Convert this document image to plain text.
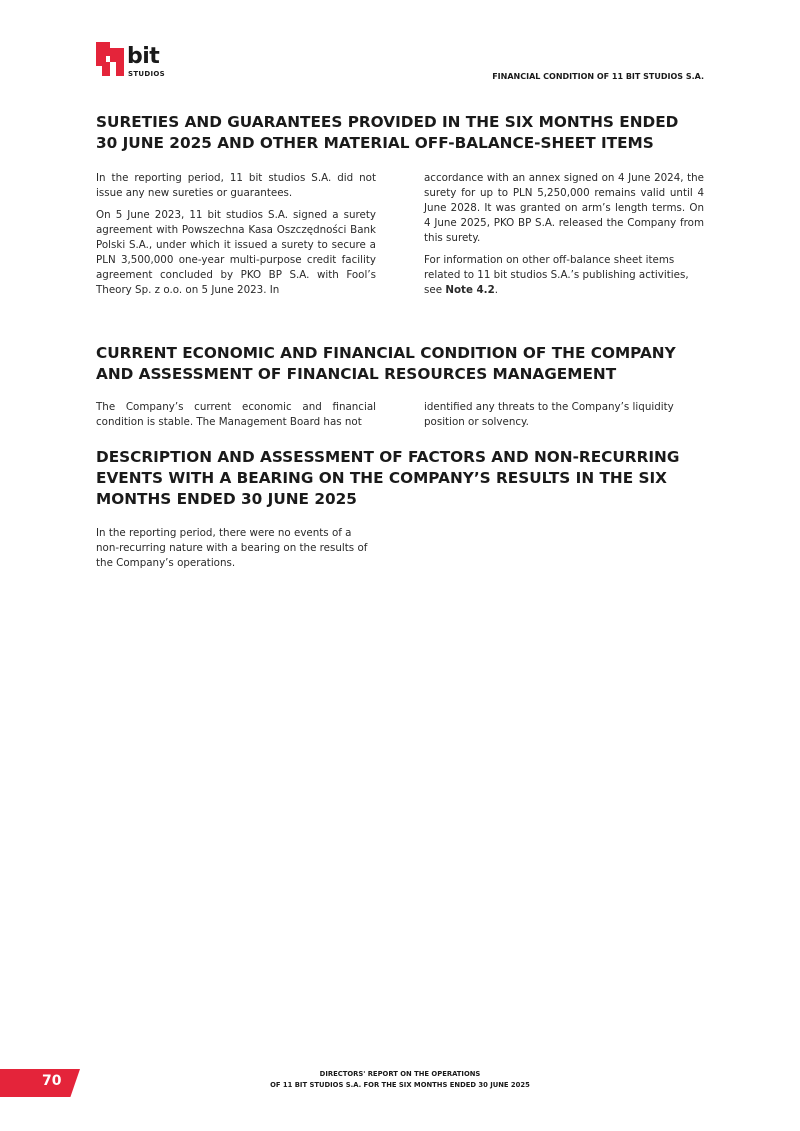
bit
STUDIOS	FINANCIAL CONDITION OF 11 BIT STUDIOS S.A.
SURETIES AND GUARANTEES PROVIDED IN THE SIX MONTHS ENDED 30 JUNE 2025 AND OTHER MATERIAL OFF-BALANCE-SHEET ITEMS

In the reporting period, 11 bit studios S.A. did not issue any new sureties or guarantees.

On 5 June 2023, 11 bit studios S.A. signed a surety agreement with Powszechna Kasa Oszczędności Bank Polski S.A., under which it issued a surety to secure a PLN 3,500,000 one-year multi-purpose credit facility agreement concluded by PKO BP S.A. with Fool’s Theory Sp. z o.o. on 5 June 2023. In

accordance with an annex signed on 4 June 2024, the surety for up to PLN 5,250,000 remains valid until 4 June 2028. It was granted on arm’s length terms. On 4 June 2025, PKO BP S.A. released the Company from this surety.

For information on other off-balance sheet items related to 11 bit studios S.A.’s publishing activities, see Note 4.2.

CURRENT ECONOMIC AND FINANCIAL CONDITION OF THE COMPANY AND ASSESSMENT OF FINANCIAL RESOURCES MANAGEMENT

The Company’s current economic and financial condition is stable. The Management Board has not

identified any threats to the Company’s liquidity position or solvency.

DESCRIPTION AND ASSESSMENT OF FACTORS AND NON-RECURRING EVENTS WITH A BEARING ON THE COMPANY’S RESULTS IN THE SIX MONTHS ENDED 30 JUNE 2025

In the reporting period, there were no events of a non-recurring nature with a bearing on the results of the Company’s operations.

70	DIRECTORS' REPORT ON THE OPERATIONS
OF 11 BIT STUDIOS S.A. FOR THE SIX MONTHS ENDED 30 JUNE 2025
